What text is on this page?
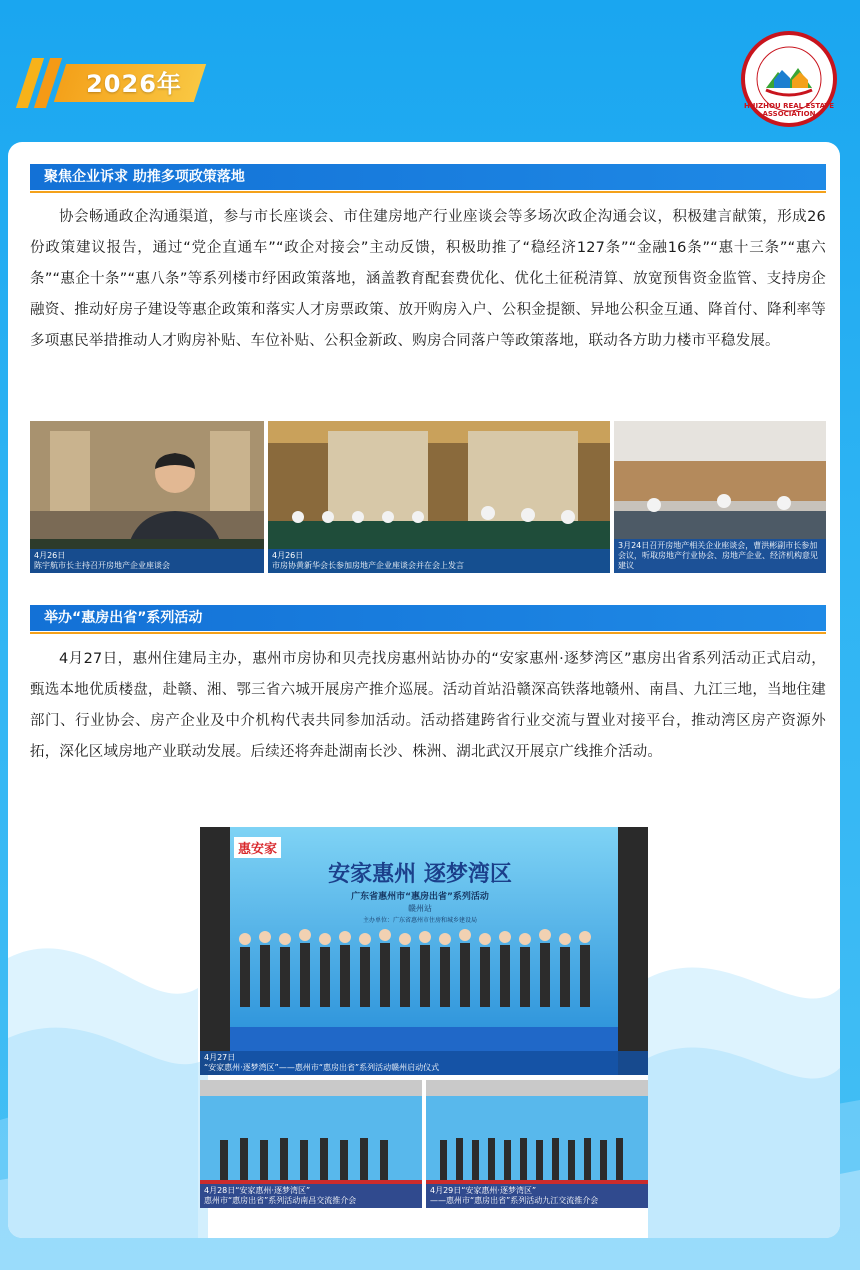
2026年
HUIZHOU REAL ESTATE ASSOCIATION
聚焦企业诉求 助推多项政策落地
协会畅通政企沟通渠道，参与市长座谈会、市住建房地产行业座谈会等多场次政企沟通会议，积极建言献策，形成26份政策建议报告，通过“党企直通车”“政企对接会”主动反馈，积极助推了“稳经济127条”“金融16条”“惠十三条”“惠六条”“惠企十条”“惠八条”等系列楼市纾困政策落地，涵盖教育配套费优化、优化土征税清算、放宽预售资金监管、支持房企融资、推动好房子建设等惠企政策和落实人才房票政策、放开购房入户、公积金提额、异地公积金互通、降首付、降利率等多项惠民举措推动人才购房补贴、车位补贴、公积金新政、购房合同落户等政策落地，联动各方助力楼市平稳发展。
4月26日
陈宇航市长主持召开房地产企业座谈会
4月26日
市房协黄新华会长参加房地产企业座谈会并在会上发言
3月24日召开房地产相关企业座谈会，曹洪彬副市长参加会议，听取房地产行业协会、房地产企业、经济机构意见建议
举办“惠房出省”系列活动
4月27日，惠州住建局主办，惠州市房协和贝壳找房惠州站协办的“安家惠州·逐梦湾区”惠房出省系列活动正式启动，甄选本地优质楼盘，赴赣、湘、鄂三省六城开展房产推介巡展。活动首站沿赣深高铁落地赣州、南昌、九江三地，当地住建部门、行业协会、房产企业及中介机构代表共同参加活动。活动搭建跨省行业交流与置业对接平台，推动湾区房产资源外拓，深化区域房地产业联动发展。后续还将奔赴湖南长沙、株洲、湖北武汉开展京广线推介活动。
惠安家
安家惠州 逐梦湾区
广东省惠州市“惠房出省”系列活动
赣州站
主办单位：广东省惠州市住房和城乡建设局
4月27日
“安家惠州·逐梦湾区”——惠州市“惠房出省”系列活动赣州启动仪式
4月28日“安家惠州·逐梦湾区”
惠州市“惠房出省”系列活动南昌交流推介会
4月29日“安家惠州·逐梦湾区”
——惠州市“惠房出省”系列活动九江交流推介会
